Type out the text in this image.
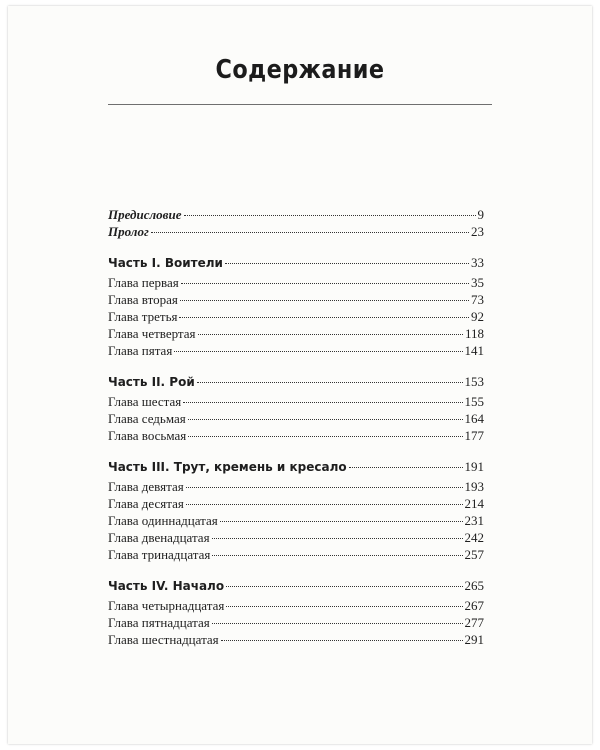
Содержание
Предисловие	9
Пролог	23
Часть I. Воители	33
Глава первая	35
Глава вторая	73
Глава третья	92
Глава четвертая	118
Глава пятая	141
Часть II. Рой	153
Глава шестая	155
Глава седьмая	164
Глава восьмая	177
Часть III. Трут, кремень и кресало	191
Глава девятая	193
Глава десятая	214
Глава одиннадцатая	231
Глава двенадцатая	242
Глава тринадцатая	257
Часть IV. Начало	265
Глава четырнадцатая	267
Глава пятнадцатая	277
Глава шестнадцатая	291
